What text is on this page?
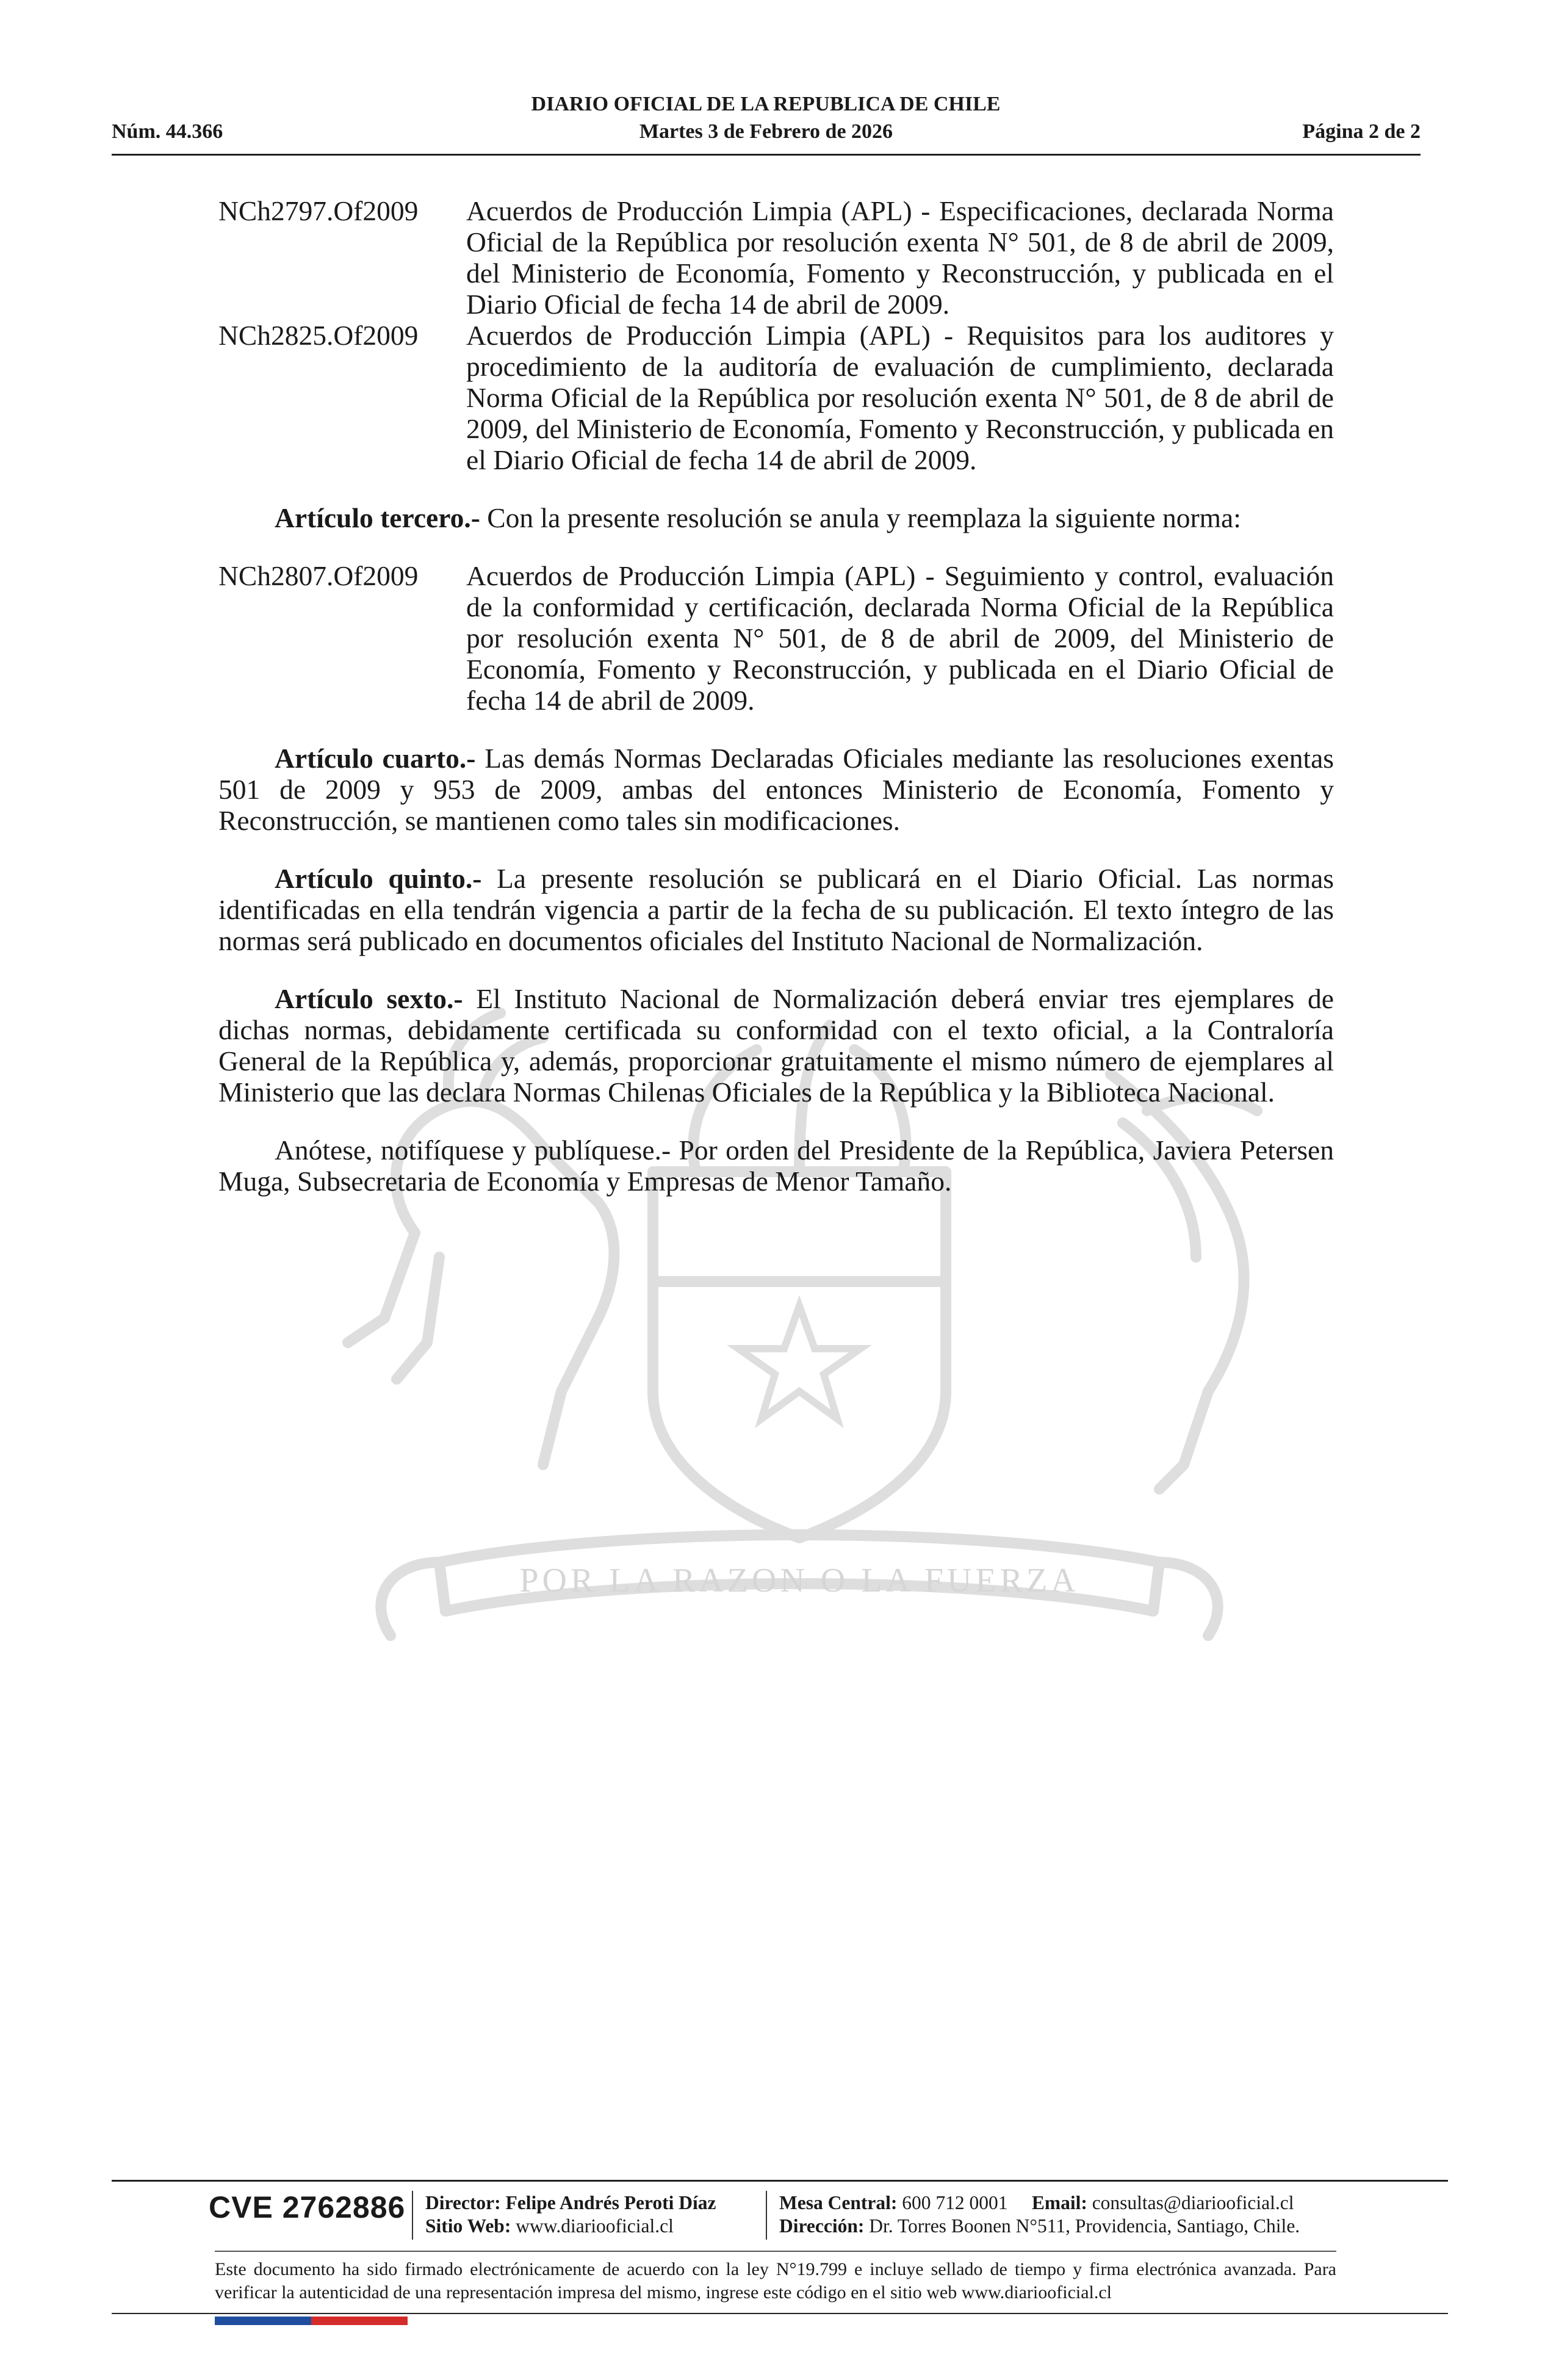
DIARIO OFICIAL DE LA REPUBLICA DE CHILE
Núm. 44.366	Martes 3 de Febrero de 2026	Página 2 de 2
POR LA RAZON O LA FUERZA
NCh2797.Of2009	Acuerdos de Producción Limpia (APL) - Especificaciones, declarada Norma Oficial de la República por resolución exenta N° 501, de 8 de abril de 2009, del Ministerio de Economía, Fomento y Reconstrucción, y publicada en el Diario Oficial de fecha 14 de abril de 2009.
NCh2825.Of2009	Acuerdos de Producción Limpia (APL) - Requisitos para los auditores y procedimiento de la auditoría de evaluación de cumplimiento, declarada Norma Oficial de la República por resolución exenta N° 501, de 8 de abril de 2009, del Ministerio de Economía, Fomento y Reconstrucción, y publicada en el Diario Oficial de fecha 14 de abril de 2009.

Artículo tercero.- Con la presente resolución se anula y reemplaza la siguiente norma:

NCh2807.Of2009	Acuerdos de Producción Limpia (APL) - Seguimiento y control, evaluación de la conformidad y certificación, declarada Norma Oficial de la República por resolución exenta N° 501, de 8 de abril de 2009, del Ministerio de Economía, Fomento y Reconstrucción, y publicada en el Diario Oficial de fecha 14 de abril de 2009.

Artículo cuarto.- Las demás Normas Declaradas Oficiales mediante las resoluciones exentas 501 de 2009 y 953 de 2009, ambas del entonces Ministerio de Economía, Fomento y Reconstrucción, se mantienen como tales sin modificaciones.

Artículo quinto.- La presente resolución se publicará en el Diario Oficial. Las normas identificadas en ella tendrán vigencia a partir de la fecha de su publicación. El texto íntegro de las normas será publicado en documentos oficiales del Instituto Nacional de Normalización.

Artículo sexto.- El Instituto Nacional de Normalización deberá enviar tres ejemplares de dichas normas, debidamente certificada su conformidad con el texto oficial, a la Contraloría General de la República y, además, proporcionar gratuitamente el mismo número de ejemplares al Ministerio que las declara Normas Chilenas Oficiales de la República y la Biblioteca Nacional.

Anótese, notifíquese y publíquese.- Por orden del Presidente de la República, Javiera Petersen Muga, Subsecretaria de Economía y Empresas de Menor Tamaño.

CVE 2762886 Director: Felipe Andrés Peroti Díaz
Sitio Web: www.diariooficial.cl
Mesa Central: 600 712 0001 Email: consultas@diariooficial.cl
Dirección: Dr. Torres Boonen N°511, Providencia, Santiago, Chile.
Este documento ha sido firmado electrónicamente de acuerdo con la ley N°19.799 e incluye sellado de tiempo y firma electrónica avanzada. Para verificar la autenticidad de una representación impresa del mismo, ingrese este código en el sitio web www.diariooficial.cl
